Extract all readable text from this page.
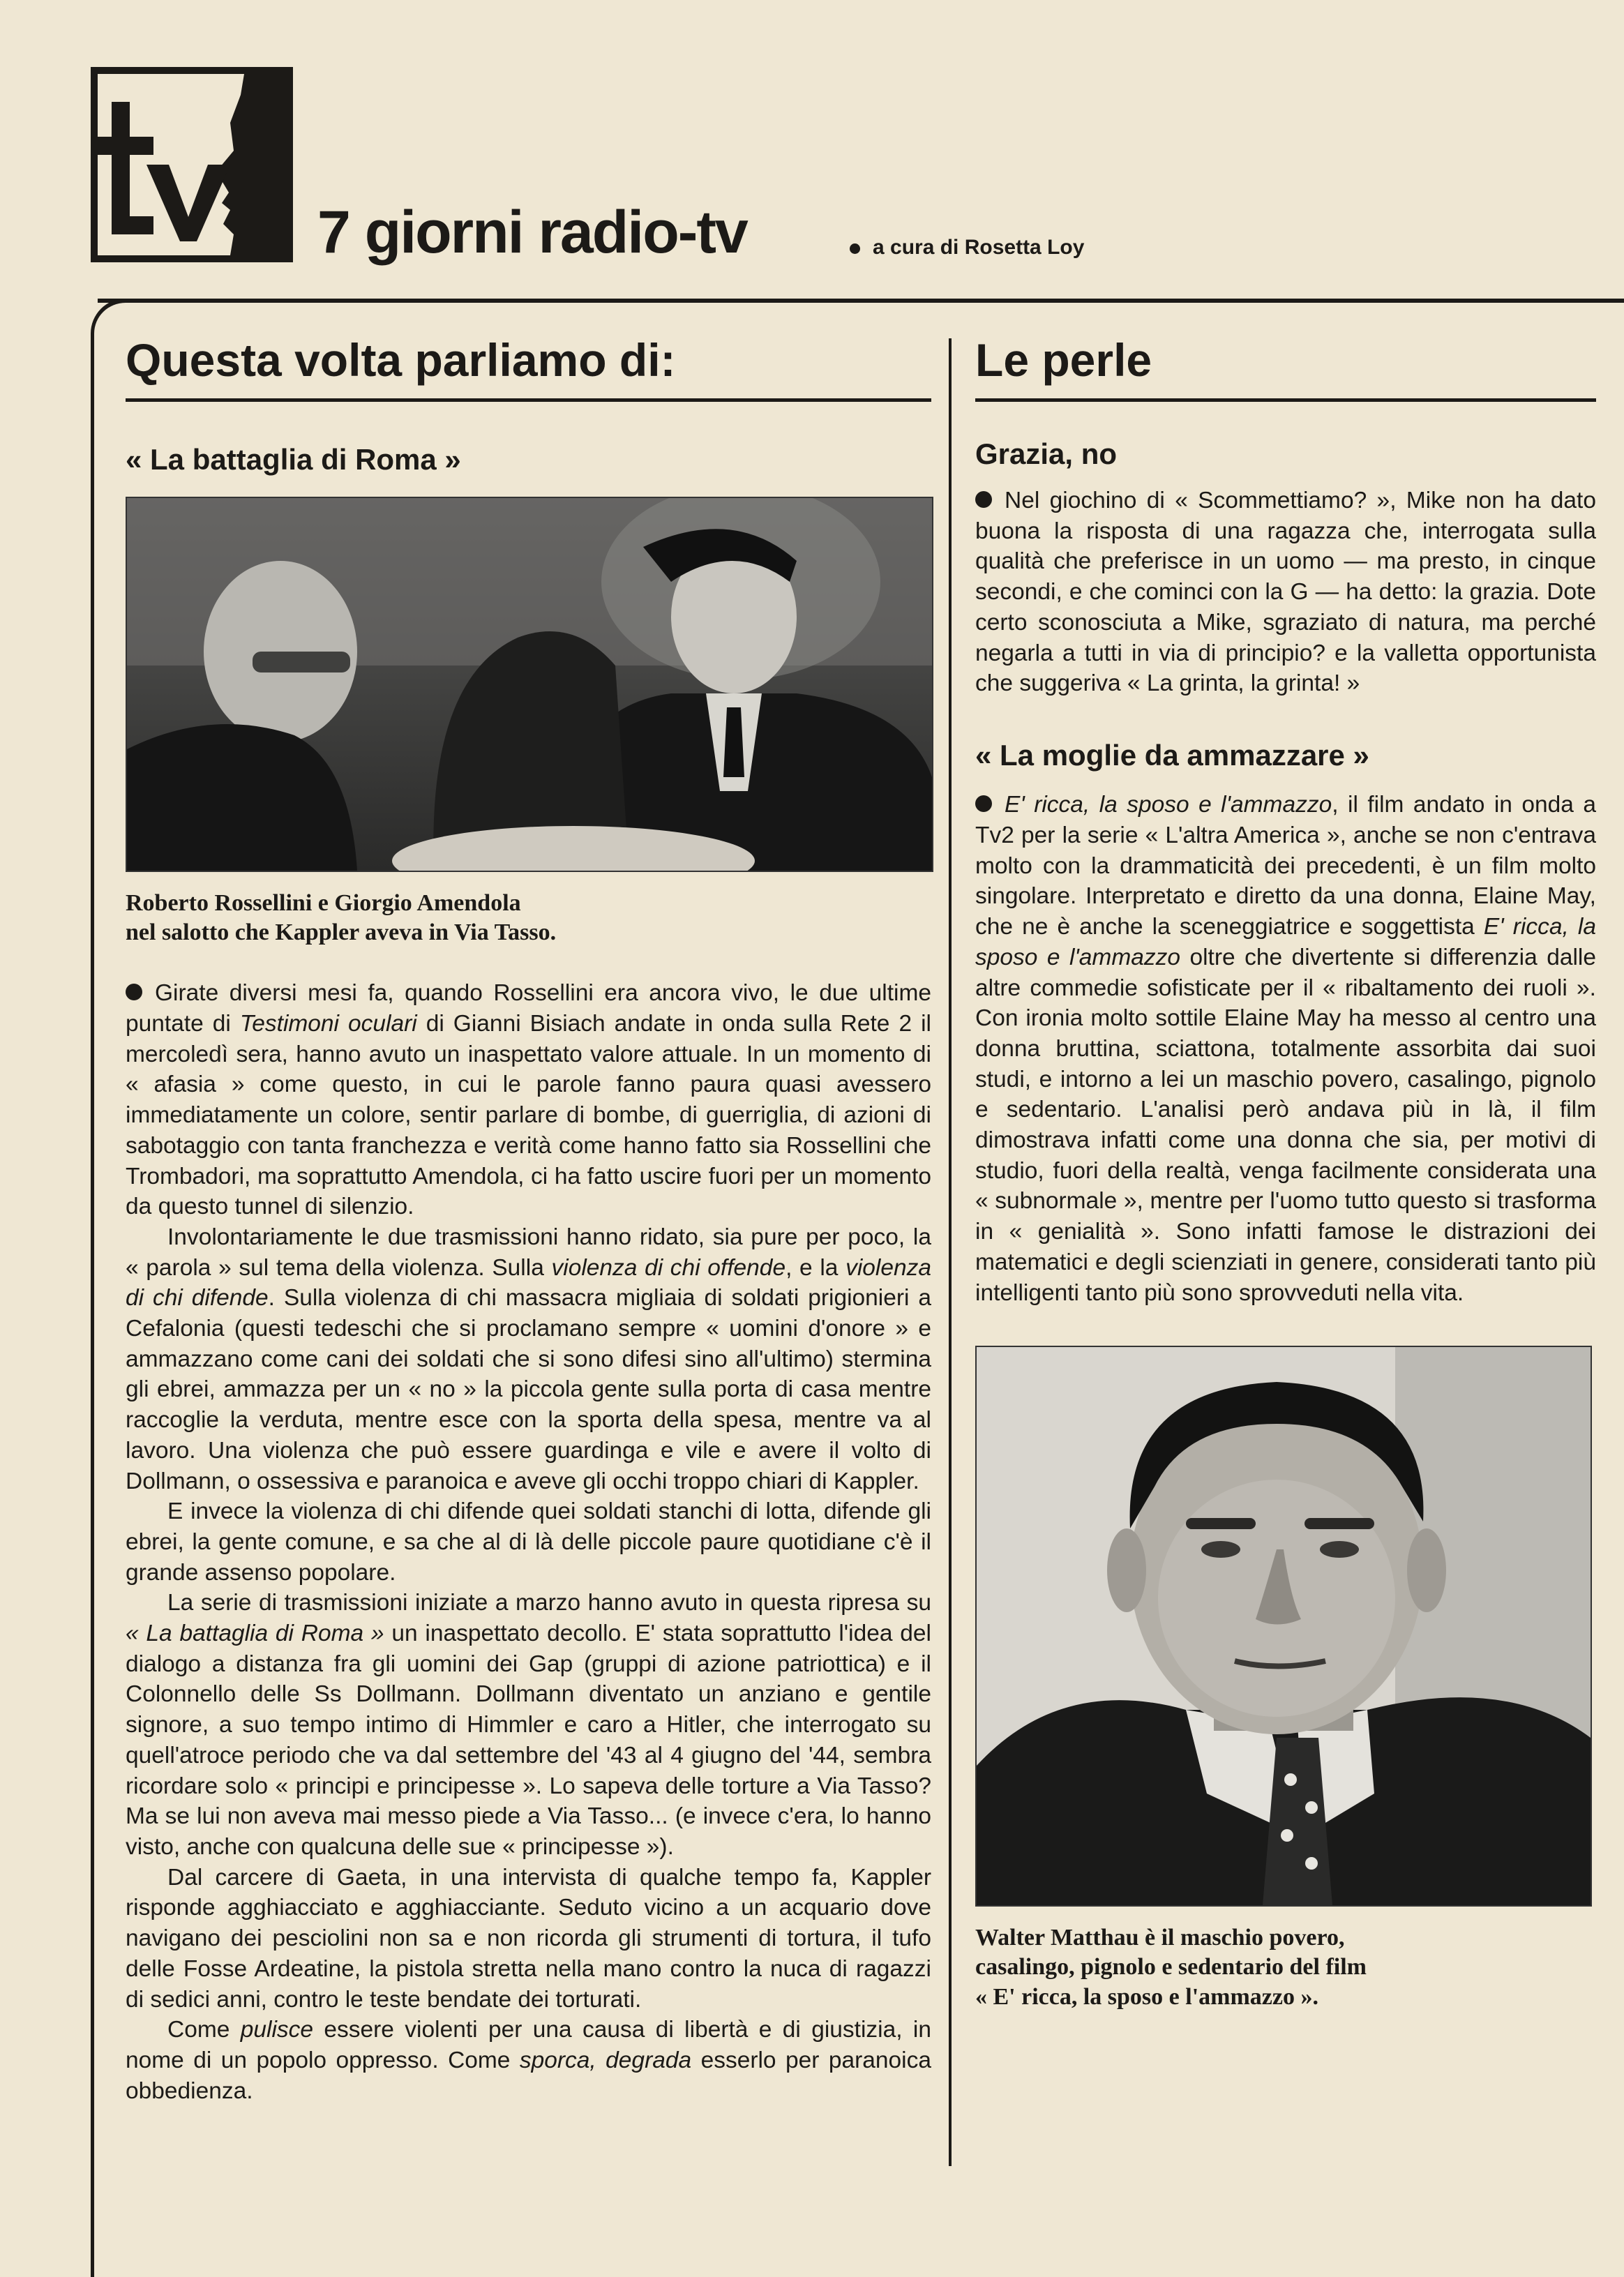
7 giorni radio-tv	a cura di Rosetta Loy
Questa volta parliamo di:
« La battaglia di Roma »
Roberto Rossellini e Giorgio Amendola
nel salotto che Kappler aveva in Via Tasso.

Girate diversi mesi fa, quando Rossellini era ancora vivo, le due ultime puntate di Testimoni oculari di Gianni Bisiach andate in onda sulla Rete 2 il mercoledì sera, hanno avuto un inaspettato valore attuale. In un momento di « afasia » come questo, in cui le parole fanno paura quasi avessero immediatamente un colore, sentir parlare di bombe, di guerriglia, di azioni di sabotaggio con tanta franchezza e verità come hanno fatto sia Rossellini che Trombadori, ma soprattutto Amendola, ci ha fatto uscire fuori per un momento da questo tunnel di silenzio.

Involontariamente le due trasmissioni hanno ridato, sia pure per poco, la « parola » sul tema della violenza. Sulla violenza di chi offende, e la violenza di chi difende. Sulla violenza di chi massacra migliaia di soldati prigionieri a Cefalonia (questi tedeschi che si proclamano sempre « uomini d'onore » e ammazzano come cani dei soldati che si sono difesi sino all'ultimo) stermina gli ebrei, ammazza per un « no » la piccola gente sulla porta di casa mentre raccoglie la verduta, mentre esce con la sporta della spesa, mentre va al lavoro. Una violenza che può essere guardinga e vile e avere il volto di Dollmann, o ossessiva e paranoica e aveve gli occhi troppo chiari di Kappler.

E invece la violenza di chi difende quei soldati stanchi di lotta, difende gli ebrei, la gente comune, e sa che al di là delle piccole paure quotidiane c'è il grande assenso popolare.

La serie di trasmissioni iniziate a marzo hanno avuto in questa ripresa su « La battaglia di Roma » un inaspettato decollo. E' stata soprattutto l'idea del dialogo a distanza fra gli uomini dei Gap (gruppi di azione patriottica) e il Colonnello delle Ss Dollmann. Dollmann diventato un anziano e gentile signore, a suo tempo intimo di Himmler e caro a Hitler, che interrogato su quell'atroce periodo che va dal settembre del '43 al 4 giugno del '44, sembra ricordare solo « principi e principesse ». Lo sapeva delle torture a Via Tasso? Ma se lui non aveva mai messo piede a Via Tasso... (e invece c'era, lo hanno visto, anche con qualcuna delle sue « principesse »).

Dal carcere di Gaeta, in una intervista di qualche tempo fa, Kappler risponde agghiacciato e agghiacciante. Seduto vicino a un acquario dove navigano dei pesciolini non sa e non ricorda gli strumenti di tortura, il tufo delle Fosse Ardeatine, la pistola stretta nella mano contro la nuca di ragazzi di sedici anni, contro le teste bendate dei torturati.

Come pulisce essere violenti per una causa di libertà e di giustizia, in nome di un popolo oppresso. Come sporca, degrada esserlo per paranoica obbedienza.

Le perle
Grazia, no

Nel giochino di « Scommettiamo? », Mike non ha dato buona la risposta di una ragazza che, interrogata sulla qualità che preferisce in un uomo — ma presto, in cinque secondi, e che cominci con la G — ha detto: la grazia. Dote certo sconosciuta a Mike, sgraziato di natura, ma perché negarla a tutti in via di principio? e la valletta opportunista che suggeriva « La grinta, la grinta! »

« La moglie da ammazzare »

E' ricca, la sposo e l'ammazzo, il film andato in onda a Tv2 per la serie « L'altra America », anche se non c'entrava molto con la drammaticità dei precedenti, è un film molto singolare. Interpretato e diretto da una donna, Elaine May, che ne è anche la sceneggiatrice e soggettista E' ricca, la sposo e l'ammazzo oltre che divertente si differenzia dalle altre commedie sofisticate per il « ribaltamento dei ruoli ». Con ironia molto sottile Elaine May ha messo al centro una donna bruttina, sciattona, totalmente assorbita dai suoi studi, e intorno a lei un maschio povero, casalingo, pignolo e sedentario. L'analisi però andava più in là, il film dimostrava infatti come una donna che sia, per motivi di studio, fuori della realtà, venga facilmente considerata una « subnormale », mentre per l'uomo tutto questo si trasforma in « genialità ». Sono infatti famose le distrazioni dei matematici e degli scienziati in genere, considerati tanto più intelligenti tanto più sono sprovveduti nella vita.

Walter Matthau è il maschio povero,
casalingo, pignolo e sedentario del film
« E' ricca, la sposo e l'ammazzo ».
